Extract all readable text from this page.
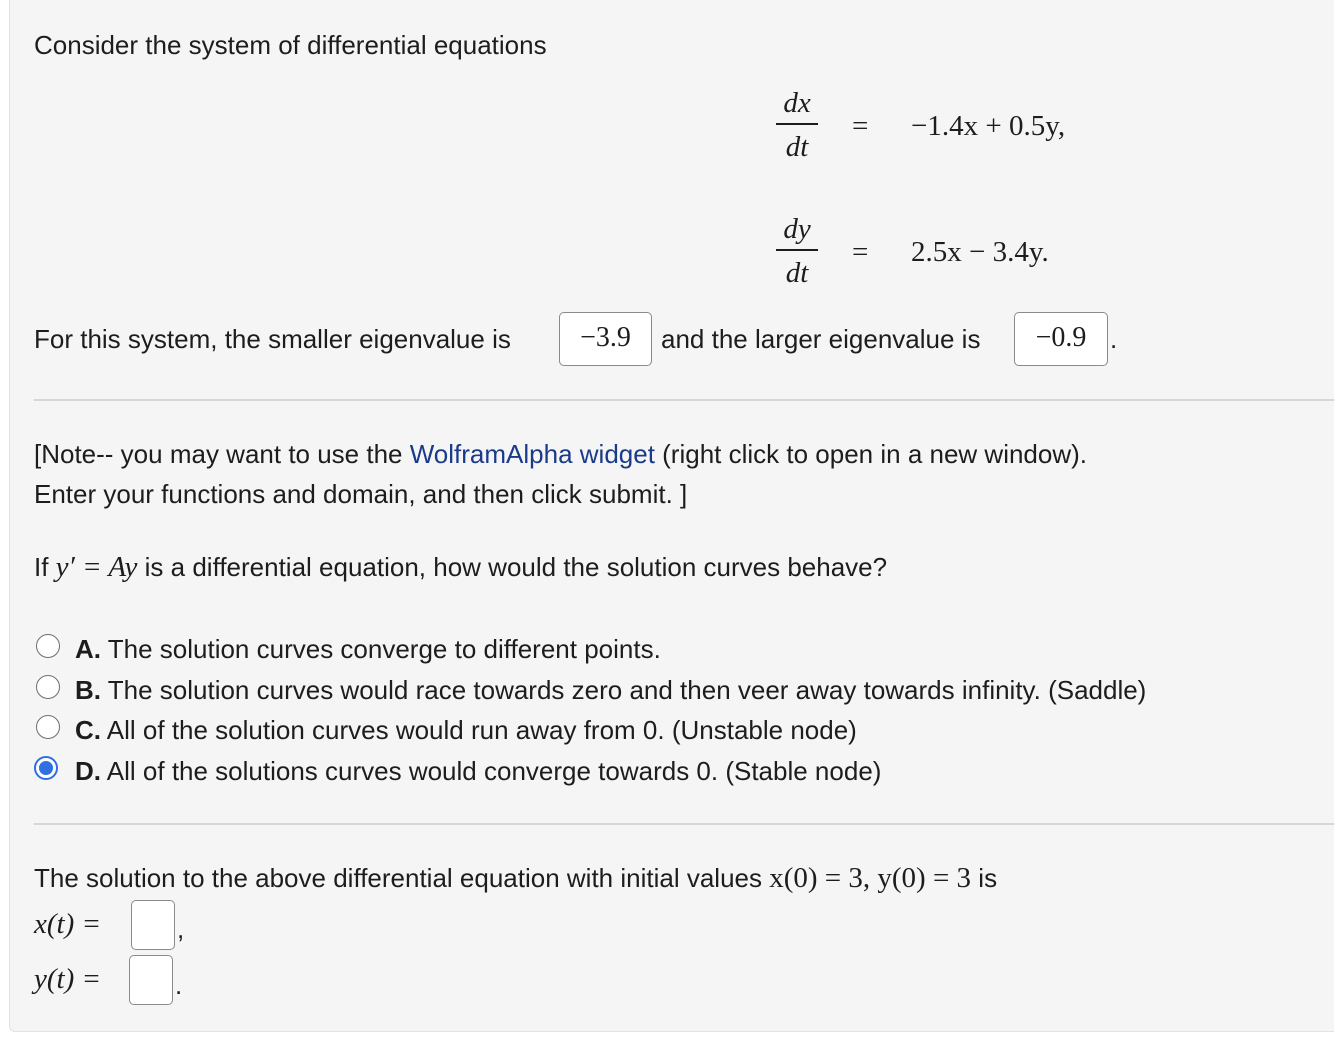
Consider the system of differential equations
dx
dt
= −1.4x + 0.5y,
dy
dt
= 2.5x − 3.4y.
For this system, the smaller eigenvalue is	−3.9	and the larger eigenvalue is	−0.9 .
[Note-- you may want to use the WolframAlpha widget (right click to open in a new window).
Enter your functions and domain, and then click submit. ]
If y′ = Ay is a differential equation, how would the solution curves behave?
A. The solution curves converge to different points.
B. The solution curves would race towards zero and then veer away towards infinity. (Saddle)
C. All of the solution curves would run away from 0. (Unstable node)
D. All of the solutions curves would converge towards 0. (Stable node)
The solution to the above differential equation with initial values x(0) = 3, y(0) = 3 is
x(t) =	,
y(t) =	.
